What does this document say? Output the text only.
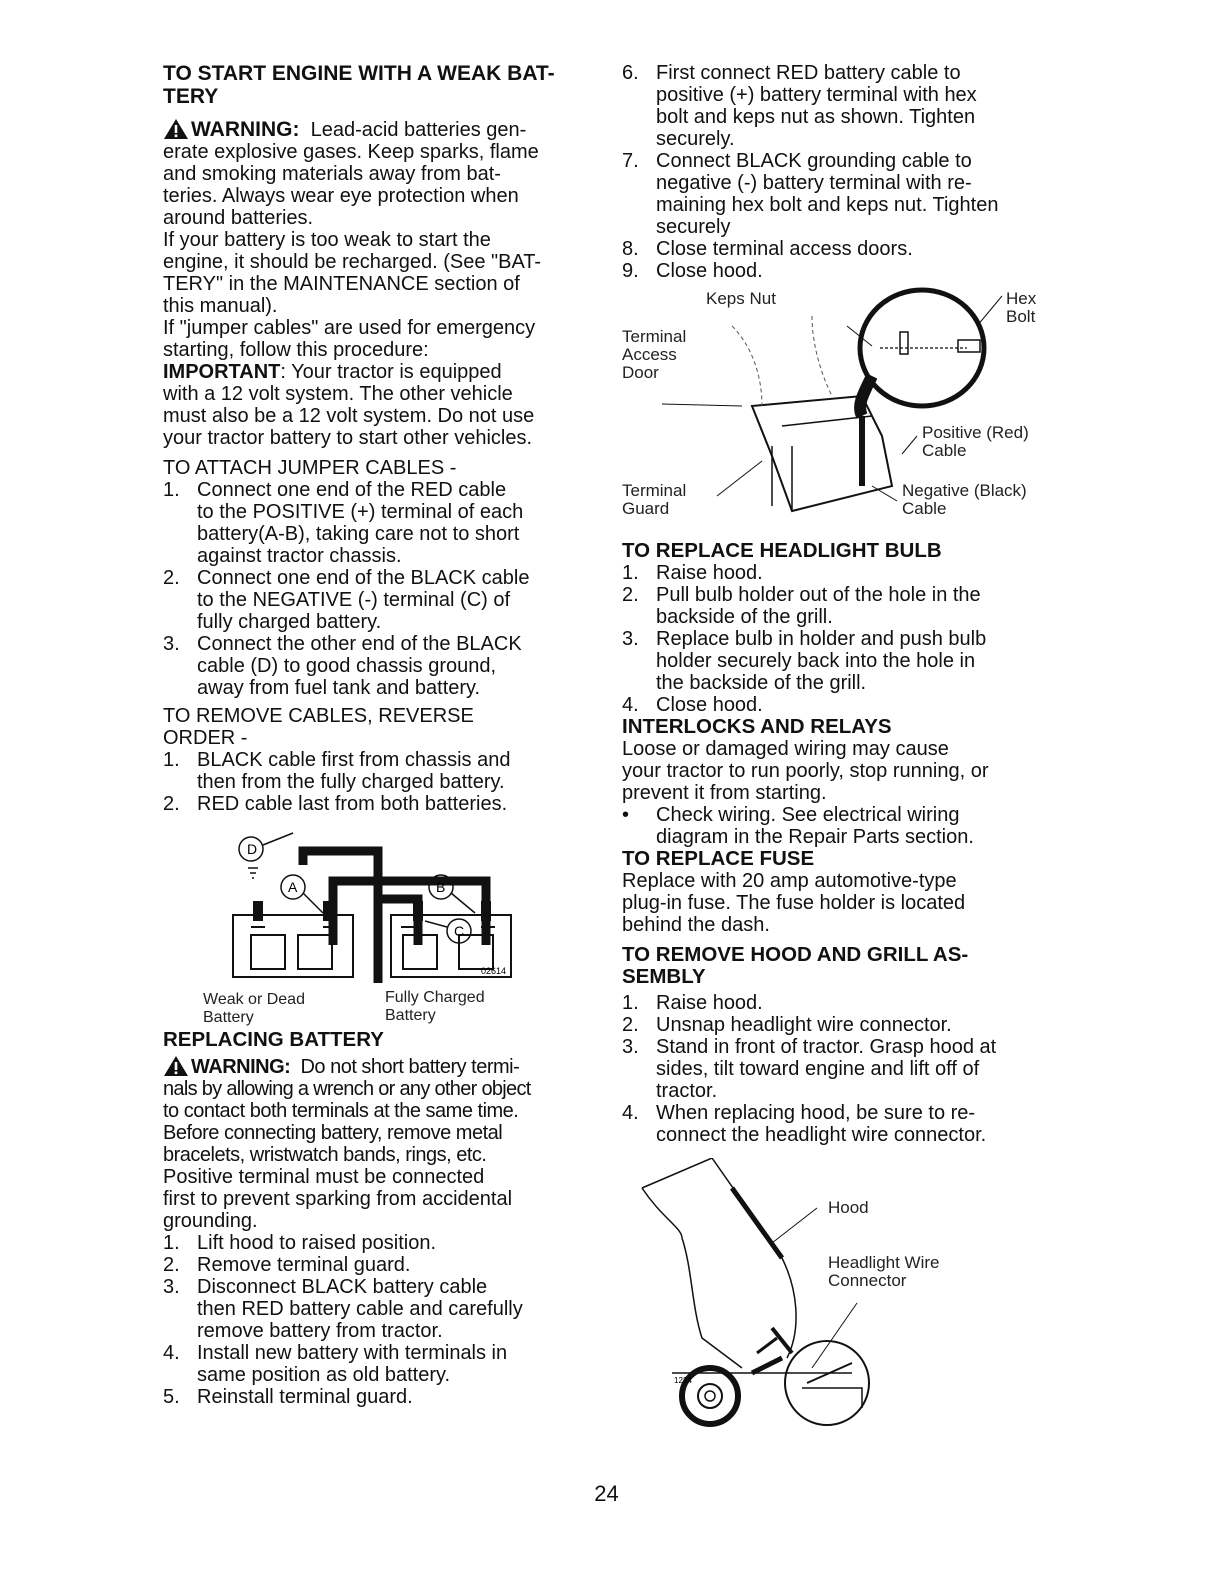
TO START ENGINE WITH A WEAK BAT-
TERY
WARNING: Lead-acid batteries gen-
erate explosive gases. Keep sparks, flame
and smoking materials away from bat-
teries. Always wear eye protection when
around batteries.
If your battery is too weak to start the
engine, it should be recharged. (See "BAT-
TERY" in the MAINTENANCE section of
this manual).
If "jumper cables" are used for emergency
starting, follow this procedure:
IMPORTANT: Your tractor is equipped
with a 12 volt system. The other vehicle
must also be a 12 volt system. Do not use
your tractor battery to start other vehicles.
TO ATTACH JUMPER CABLES -
1. Connect one end of the RED cable
to the POSITIVE (+) terminal of each
battery(A-B), taking care not to short
against tractor chassis.
2. Connect one end of the BLACK cable
to the NEGATIVE (-) terminal (C) of
fully charged battery.
3. Connect the other end of the BLACK
cable (D) to good chassis ground,
away from fuel tank and battery.
TO REMOVE CABLES, REVERSE
ORDER -
1. BLACK cable first from chassis and
then from the fully charged battery.
2. RED cable last from both batteries.
D
A	B
C
02614
Weak or Dead
Battery
Fully Charged
Battery
REPLACING BATTERY
WARNING: Do not short battery termi-
nals by allowing a wrench or any other object
to contact both terminals at the same time.
Before connecting battery, remove metal
bracelets, wristwatch bands, rings, etc.
Positive terminal must be connected
first to prevent sparking from accidental
grounding.
1. Lift hood to raised position.
2. Remove terminal guard.
3. Disconnect BLACK battery cable
then RED battery cable and carefully
remove battery from tractor.
4. Install new battery with terminals in
same position as old battery.
5. Reinstall terminal guard.
6. First connect RED battery cable to
positive (+) battery terminal with hex
bolt and keps nut as shown. Tighten
securely.
7. Connect BLACK grounding cable to
negative (-) battery terminal with re-
maining hex bolt and keps nut. Tighten
securely
8. Close terminal access doors.
9. Close hood.
Keps Nut	Hex
Bolt
Terminal
Access
Door
Positive (Red)
Cable
Terminal
Guard
Negative (Black)
Cable
TO REPLACE HEADLIGHT BULB
1. Raise hood.
2. Pull bulb holder out of the hole in the
backside of the grill.
3. Replace bulb in holder and push bulb
holder securely back into the hole in
the backside of the grill.
4. Close hood.
INTERLOCKS AND RELAYS
Loose or damaged wiring may cause
your tractor to run poorly, stop running, or
prevent it from starting.
• Check wiring. See electrical wiring
diagram in the Repair Parts section.
TO REPLACE FUSE
Replace with 20 amp automotive-type
plug-in fuse. The fuse holder is located
behind the dash.
TO REMOVE HOOD AND GRILL AS-
SEMBLY
1. Raise hood.
2. Unsnap headlight wire connector.
3. Stand in front of tractor. Grasp hood at
sides, tilt toward engine and lift off of
tractor.
4. When replacing hood, be sure to re-
connect the headlight wire connector.
1234
Hood
Headlight Wire
Connector
24
